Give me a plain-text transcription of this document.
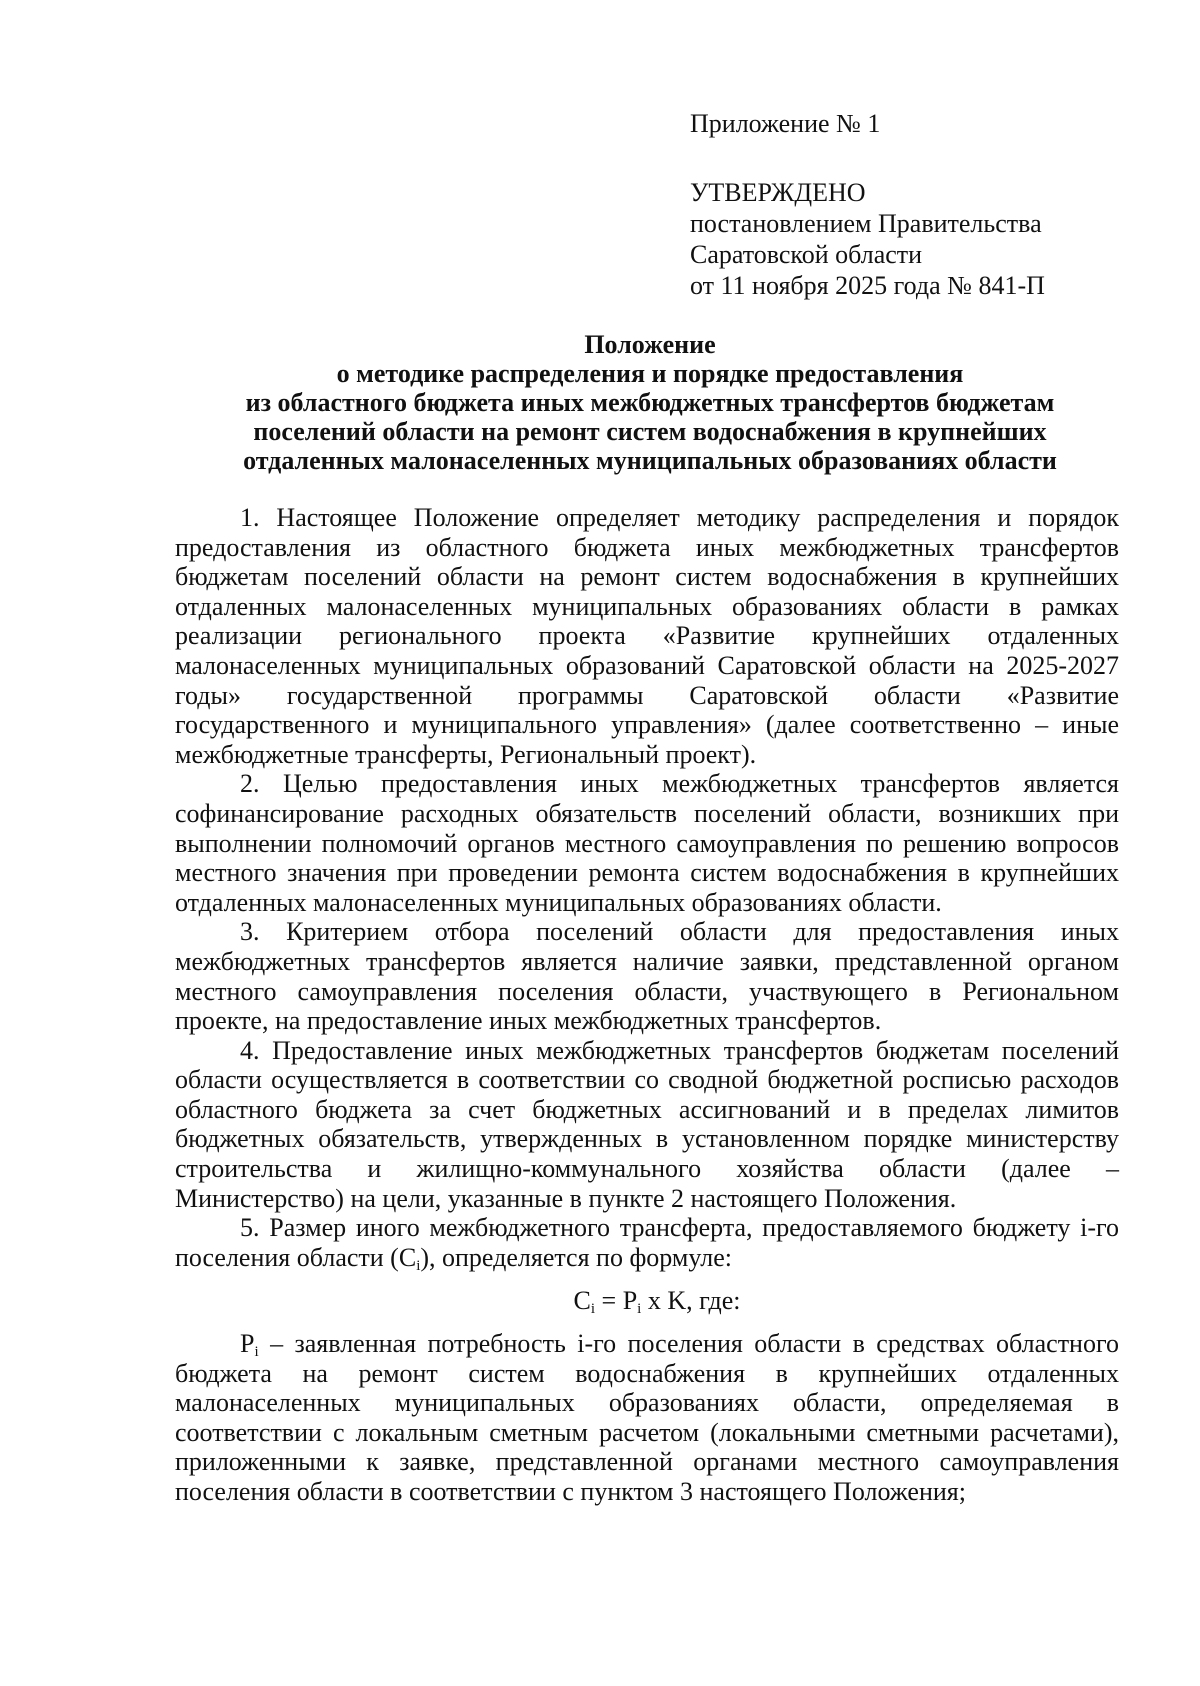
Приложение № 1
УТВЕРЖДЕНО
постановлением Правительства
Саратовской области
от 11 ноября 2025 года № 841-П
Положение
о методике распределения и порядке предоставления
из областного бюджета иных межбюджетных трансфертов бюджетам
поселений области на ремонт систем водоснабжения в крупнейших
отдаленных малонаселенных муниципальных образованиях области

1. Настоящее Положение определяет методику распределения и порядок предоставления из областного бюджета иных межбюджетных трансфертов бюджетам поселений области на ремонт систем водоснабжения в крупнейших отдаленных малонаселенных муниципальных образованиях области в рамках реализации регионального проекта «Развитие крупнейших отдаленных малонаселенных муниципальных образований Саратовской области на 2025-2027 годы» государственной программы Саратовской области «Развитие государственного и муниципального управления» (далее соответственно – иные межбюджетные трансферты, Региональный проект).

2. Целью предоставления иных межбюджетных трансфертов является софинансирование расходных обязательств поселений области, возникших при выполнении полномочий органов местного самоуправления по решению вопросов местного значения при проведении ремонта систем водоснабжения в крупнейших отдаленных малонаселенных муниципальных образованиях области.

3. Критерием отбора поселений области для предоставления иных межбюджетных трансфертов является наличие заявки, представленной органом местного самоуправления поселения области, участвующего в Региональном проекте, на предоставление иных межбюджетных трансфертов.

4. Предоставление иных межбюджетных трансфертов бюджетам поселений области осуществляется в соответствии со сводной бюджетной росписью расходов областного бюджета за счет бюджетных ассигнований и в пределах лимитов бюджетных обязательств, утвержденных в установленном порядке министерству строительства и жилищно-коммунального хозяйства области (далее – Министерство) на цели, указанные в пункте 2 настоящего Положения.

5. Размер иного межбюджетного трансферта, предоставляемого бюджету i-го поселения области $(C_i)$, определяется по формуле:

$C_i = P_i$ x K, где:

$P_i$ – заявленная потребность i-го поселения области в средствах областного бюджета на ремонт систем водоснабжения в крупнейших отдаленных малонаселенных муниципальных образованиях области, определяемая в соответствии с локальным сметным расчетом (локальными сметными расчетами), приложенными к заявке, представленной органами местного самоуправления поселения области в соответствии с пунктом 3 настоящего Положения;
